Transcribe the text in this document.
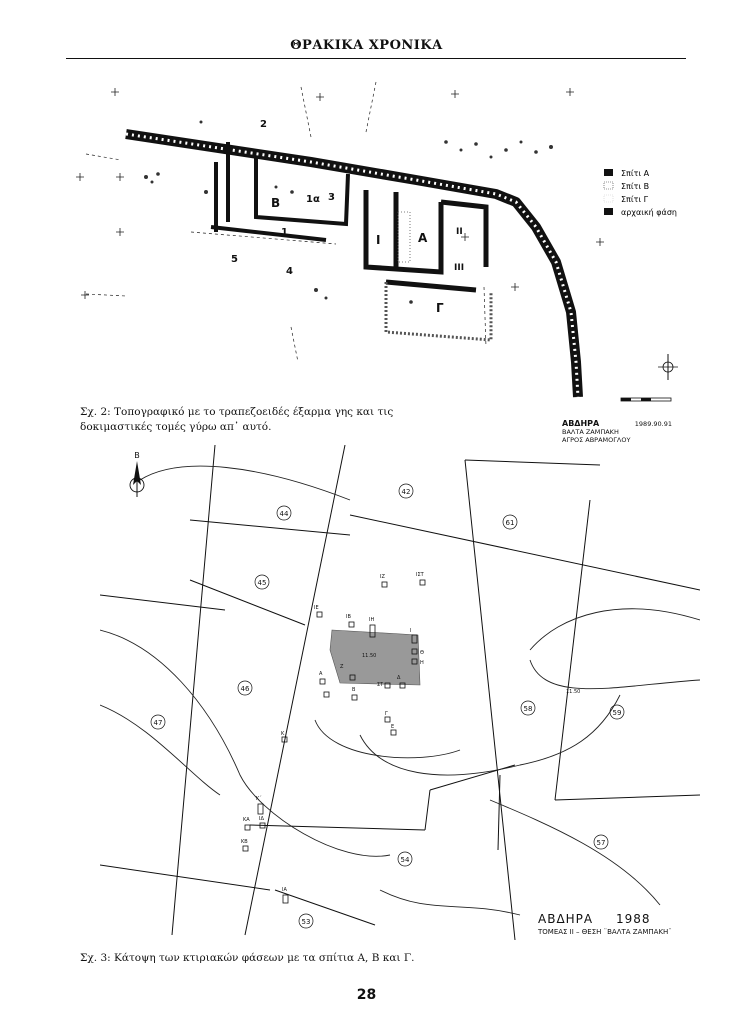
ΘΡΑΚΙΚΑ ΧΡΟΝΙΚΑ
2
1α
Β	3
1
5
4
Ι	Α	ΙΙ
ΙΙΙ
Γ
Σπίτι Α
Σπίτι Β
Σπίτι Γ
αρχαική φάση
ΑΒΔΗΡΑ	1989.90.91
ΒΑΛΤΑ ΖΑΜΠΑΚΗ
ΑΓΡΟΣ ΑΒΡΑΜΟΓΛΟΥ
Σχ. 2: Τοπογραφικό με το τραπεζοειδές έξαρμα γης και τις δοκιμαστικές τομές γύρω απ᾽ αυτό.
ΙΖ	ΙΣΤ
ΙΕ
ΙΒ	ΙΗ
Ι
Θ
Η
Ζ
Α
ΣΤ
Δ
Γ
Ε
Β
Κ
Κ΄
ΚΑ
ΚΒ
ΙΑ
ΙΔ
11.50
11.50
42
44
45
46
47
53
54
57
58	59
61
Β
ΑΒΔΗΡΑ 1988
ΤΟΜΕΑΣ ΙΙ – ΘΕΣΗ ¨ΒΑΛΤΑ ΖΑΜΠΑΚΗ¨
Σχ. 3: Κάτοψη των κτιριακών φάσεων με τα σπίτια Α, Β και Γ.
28
